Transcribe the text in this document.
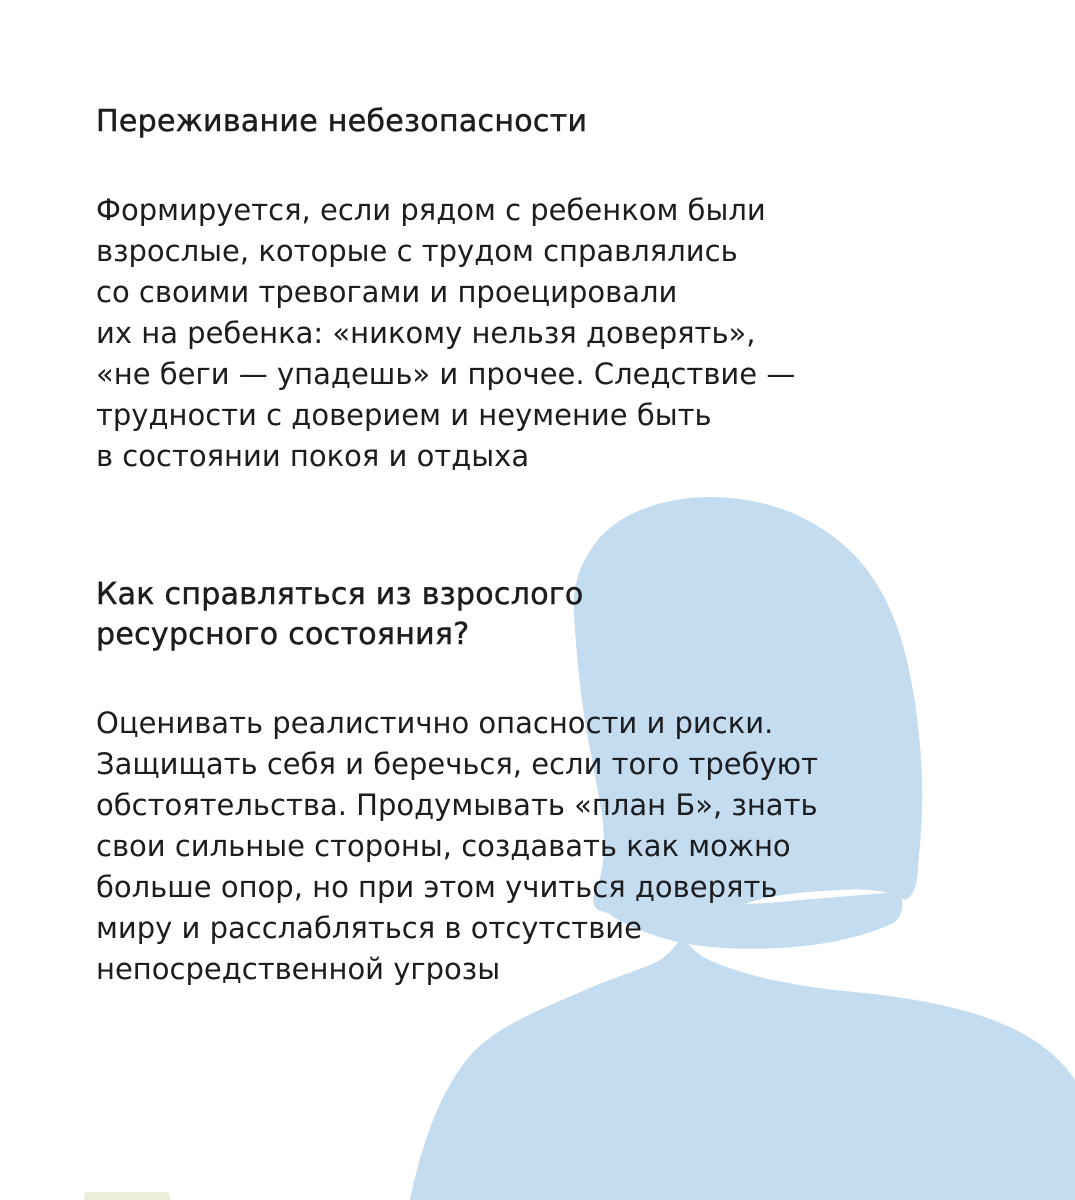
Переживание небезопасности

Формируется, если рядом с ребенком были
взрослые, которые с трудом справлялись
со своими тревогами и проецировали
их на ребенка: «никому нельзя доверять»,
«не беги — упадешь» и прочее. Следствие —
трудности с доверием и неумение быть
в состоянии покоя и отдыха

Как справляться из взрослого ресурсного состояния?

Оценивать реалистично опасности и риски.
Защищать себя и беречься, если того требуют
обстоятельства. Продумывать «план Б», знать
свои сильные стороны, создавать как можно
больше опор, но при этом учиться доверять
миру и расслабляться в отсутствие
непосредственной угрозы
